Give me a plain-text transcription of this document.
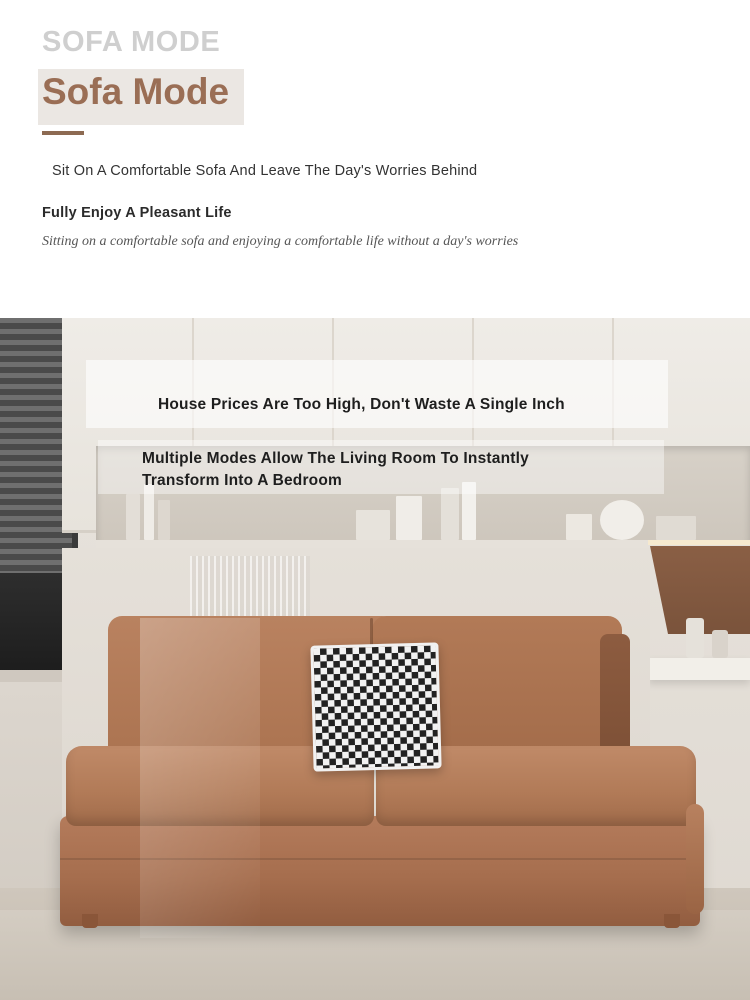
SOFA MODE
Sofa Mode
Sit On A Comfortable Sofa And Leave The Day's Worries Behind
Fully Enjoy A Pleasant Life
Sitting on a comfortable sofa and enjoying a comfortable life without a day's worries
House Prices Are Too High, Don't Waste A Single Inch
Multiple Modes Allow The Living Room To Instantly Transform Into A Bedroom
